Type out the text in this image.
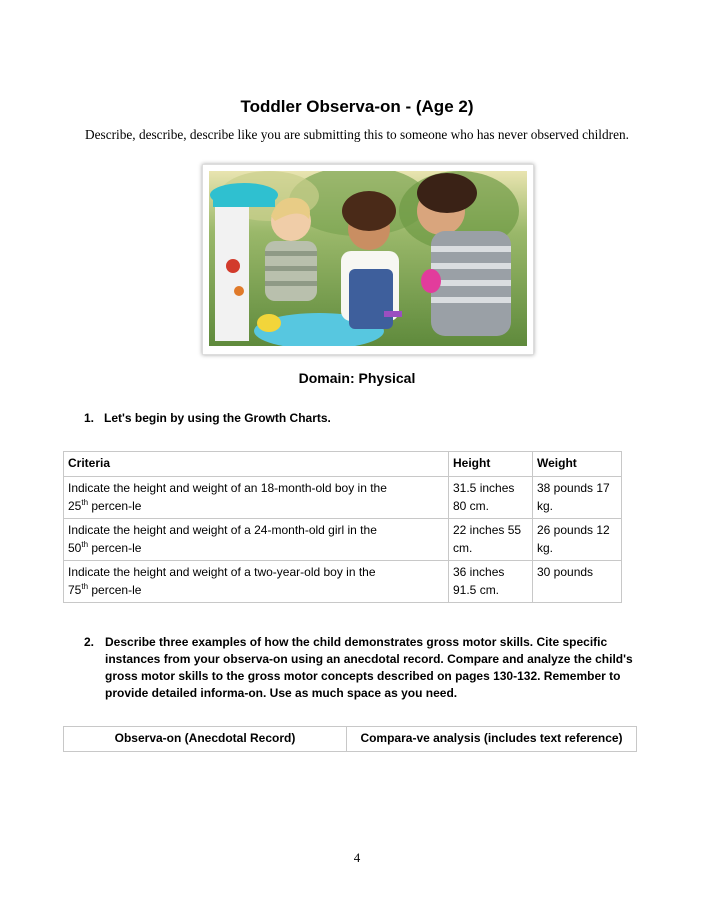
Toddler Observa-on - (Age 2)
Describe, describe, describe like you are submitting this to someone who has never observed children.
Domain: Physical
1. Let's begin by using the Growth Charts.
Criteria	Height	Weight
Indicate the height and weight of an 18-month-old boy in the
25th percen-le	31.5 inches 80 cm.	38 pounds 17 kg.
Indicate the height and weight of a 24-month-old girl in the
50th percen-le	22 inches 55 cm.	26 pounds 12 kg.
Indicate the height and weight of a two-year-old boy in the
75th percen-le	36 inches 91.5 cm.	30 pounds
2. Describe three examples of how the child demonstrates gross motor skills. Cite specific instances from your observa-on using an anecdotal record. Compare and analyze the child's gross motor skills to the gross motor concepts described on pages 130-132. Remember to provide detailed informa-on. Use as much space as you need.
Observa-on (Anecdotal Record)	Compara-ve analysis (includes text reference)
4
